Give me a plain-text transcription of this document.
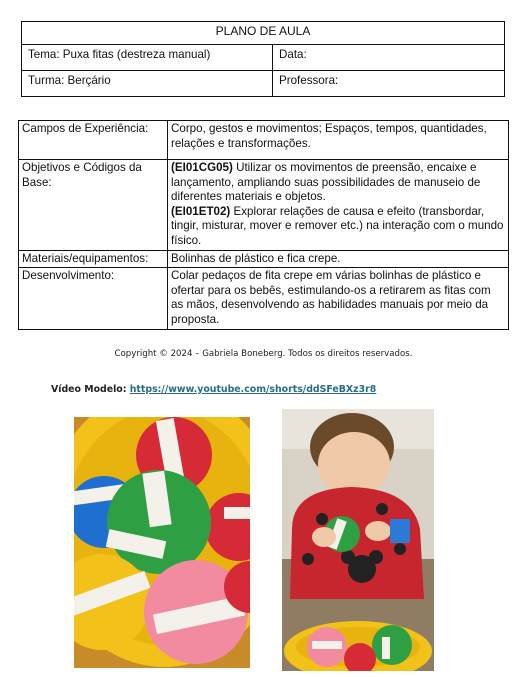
PLANO DE AULA	
Tema: Puxa fitas (destreza manual)	Data:
Turma: Berçário	Professora:
Campos de Experiência:	Corpo, gestos e movimentos; Espaços, tempos, quantidades, relações e transformações.
Objetivos e Códigos da Base:	(EI01CG05) Utilizar os movimentos de preensão, encaixe e lançamento, ampliando suas possibilidades de manuseio de diferentes materiais e objetos.
(EI01ET02) Explorar relações de causa e efeito (transbordar, tingir, misturar, mover e remover etc.) na interação com o mundo físico.
Materiais/equipamentos:	Bolinhas de plástico e fica crepe.
Desenvolvimento:	Colar pedaços de fita crepe em várias bolinhas de plástico e ofertar para os bebês, estimulando-os a retirarem as fitas com as mãos, desenvolvendo as habilidades manuais por meio da proposta.
Copyright © 2024 – Gabriela Boneberg. Todos os direitos reservados.
Vídeo Modelo: https://www.youtube.com/shorts/ddSFeBXz3r8
